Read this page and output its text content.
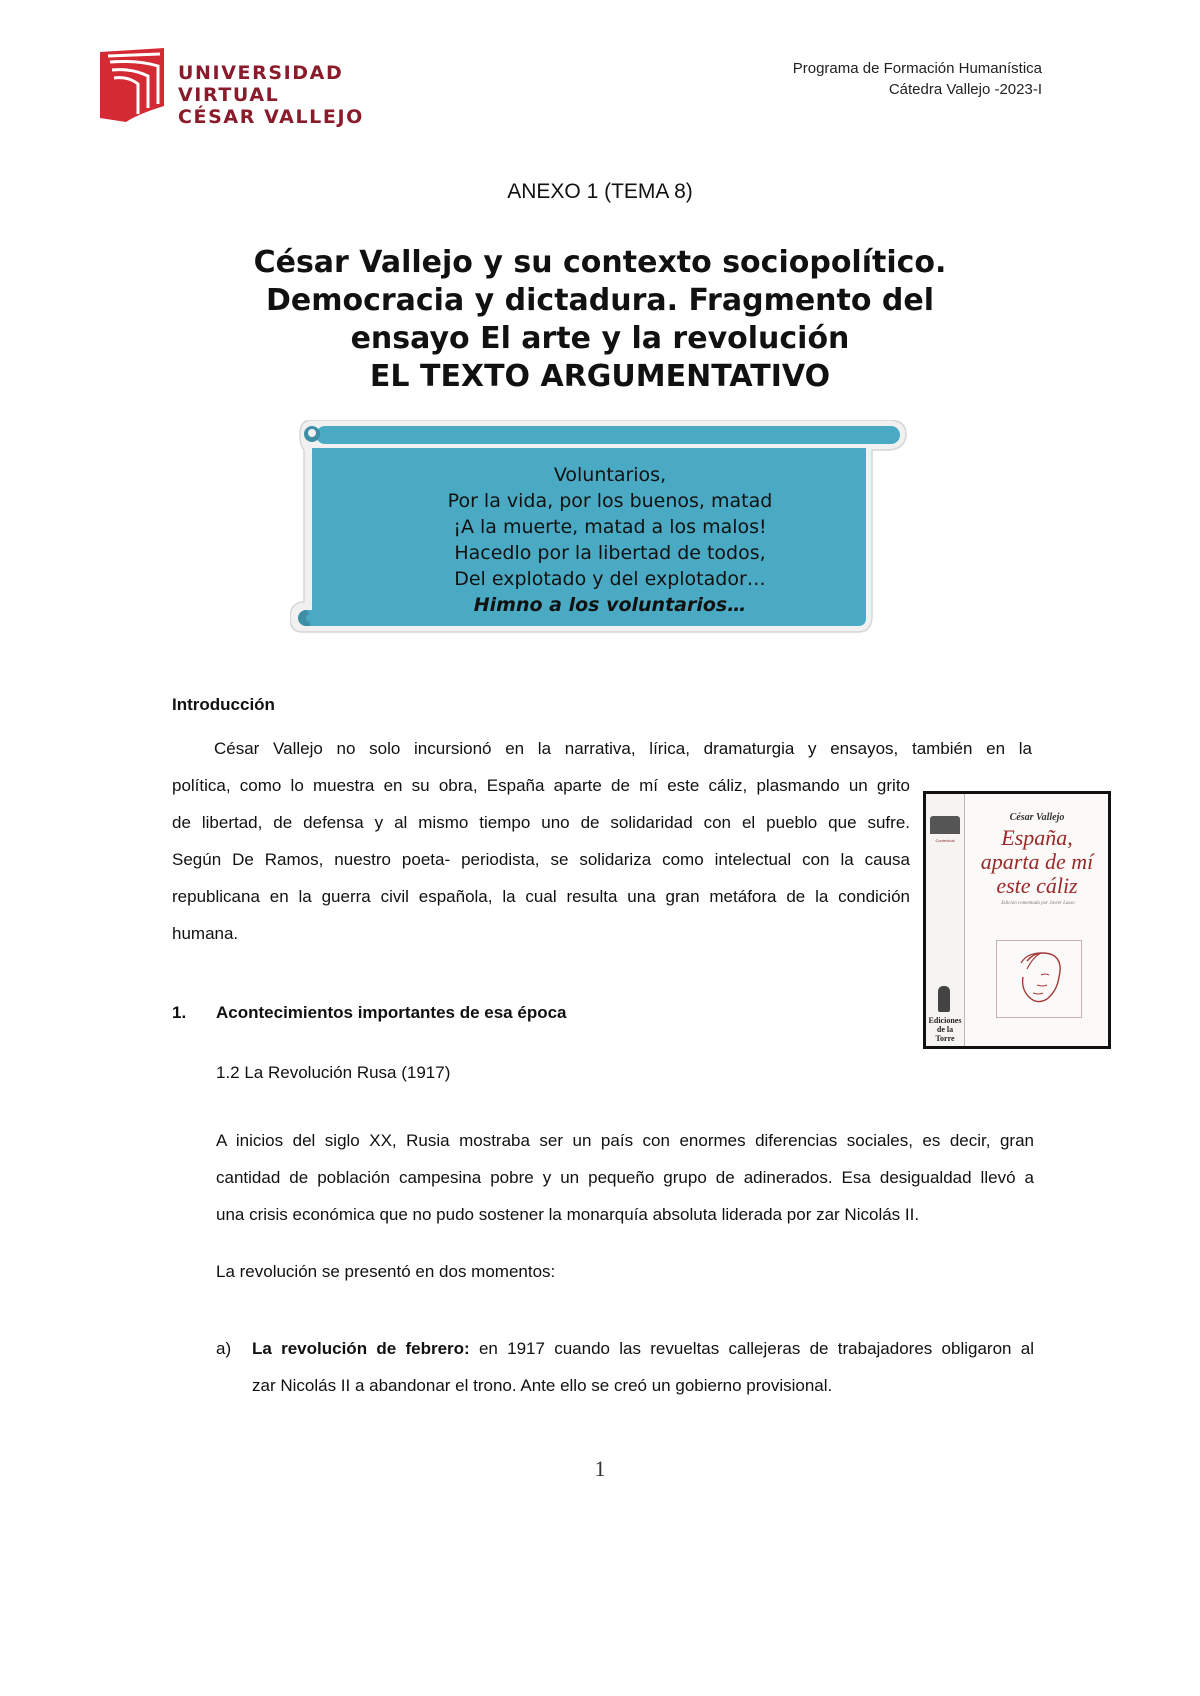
UNIVERSIDAD VIRTUAL
CÉSAR VALLEJO
Programa de Formación Humanística
Cátedra Vallejo -2023-I
ANEXO 1 (TEMA 8)
César Vallejo y su contexto sociopolítico.
Democracia y dictadura. Fragmento del
ensayo El arte y la revolución
EL TEXTO ARGUMENTATIVO
Voluntarios,
Por la vida, por los buenos, matad
¡A la muerte, matad a los malos!
Hacedlo por la libertad de todos,
Del explotado y del explotador…
Himno a los voluntarios…
Introducción
César Vallejo no solo incursionó en la narrativa, lírica, dramaturgia y ensayos, también en la
política, como lo muestra en su obra, España aparte de mí este cáliz, plasmando un grito
de libertad, de defensa y al mismo tiempo uno de solidaridad con el pueblo que sufre.
Según De Ramos, nuestro poeta- periodista, se solidariza como intelectual con la causa
republicana en la guerra civil española, la cual resulta una gran metáfora de la condición
humana.
Contextual
Ediciones
de la Torre
César Vallejo
España,
aparta de mí
este cáliz
Edición comentada por Javier Lasso
1. Acontecimientos importantes de esa época
1.2 La Revolución Rusa (1917)
A inicios del siglo XX, Rusia mostraba ser un país con enormes diferencias sociales, es decir, gran
cantidad de población campesina pobre y un pequeño grupo de adinerados. Esa desigualdad llevó a
una crisis económica que no pudo sostener la monarquía absoluta liderada por zar Nicolás II.
La revolución se presentó en dos momentos:
a) La revolución de febrero: en 1917 cuando las revueltas callejeras de trabajadores obligaron al
zar Nicolás II a abandonar el trono. Ante ello se creó un gobierno provisional.
1
